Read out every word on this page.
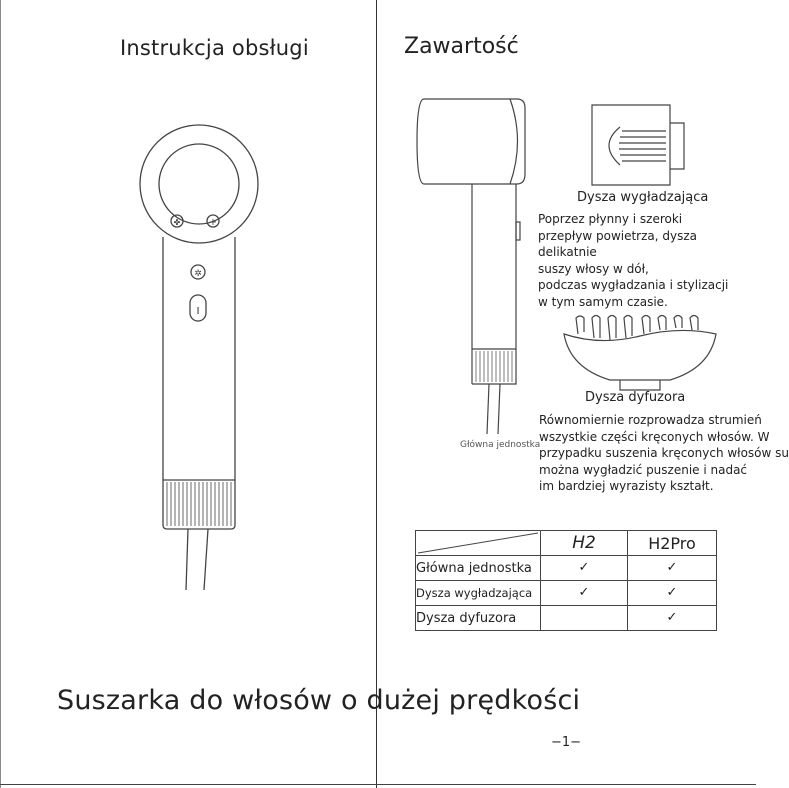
Instrukcja obsługi
✤	+
✲
ı
Suszarka do włosów o dużej prędkości
Zawartość
Główna jednostka
Dysza wygładzająca
Poprzez płynny i szeroki
przepływ powietrza, dysza delikatnie
suszy włosy w dół,
podczas wygładzania i stylizacji
w tym samym czasie.
Dysza dyfuzora
Równomiernie rozprowadza strumień
wszystkie części kręconych włosów. W
przypadku suszenia kręconych włosów su
można wygładzić puszenie i nadać
im bardziej wyrazisty kształt.
	H2	H2Pro
Główna jednostka	✓	✓
Dysza wygładzająca	✓	✓
Dysza dyfuzora		✓
−1−
